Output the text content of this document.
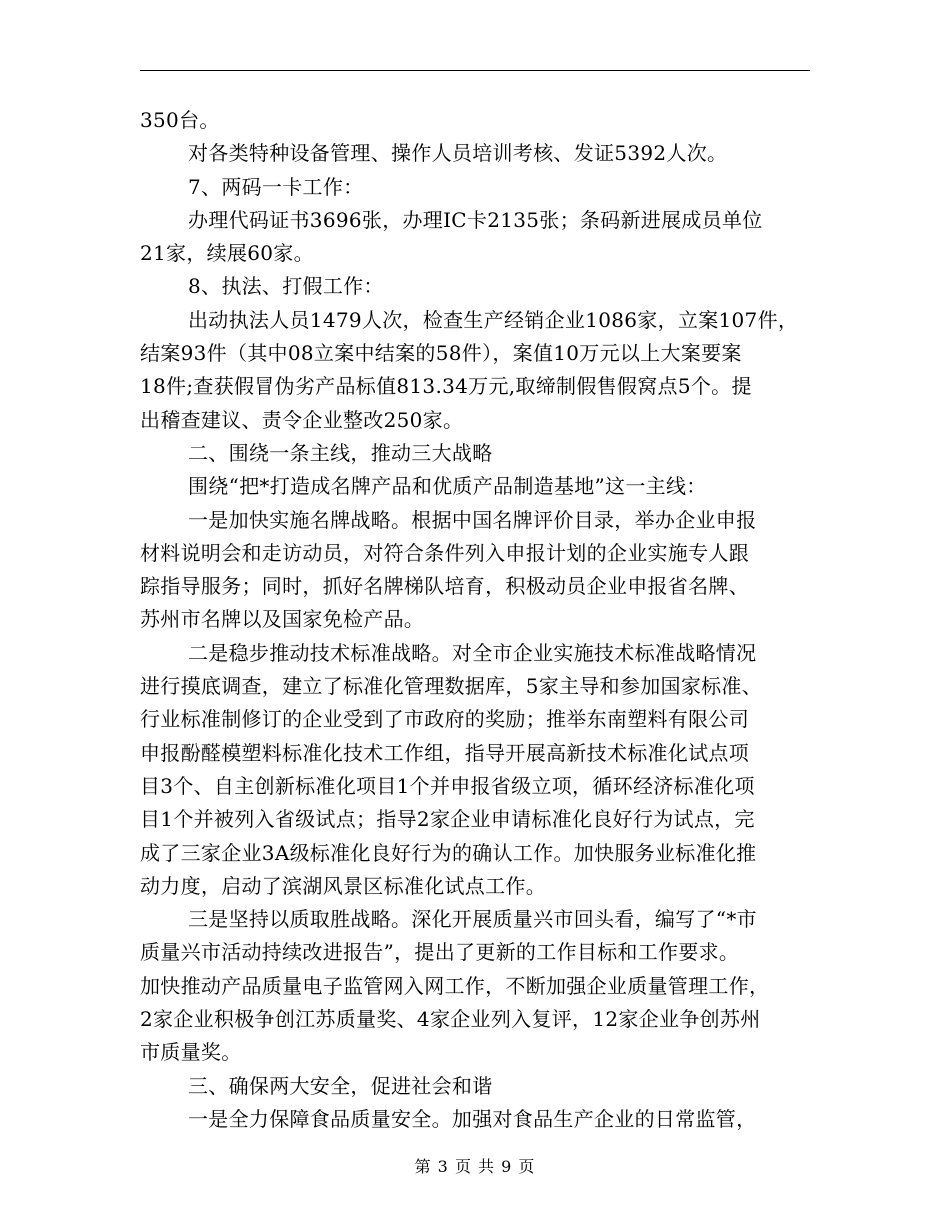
350台。
对各类特种设备管理、操作人员培训考核、发证5392人次。
7、两码一卡工作：
办理代码证书3696张，办理IC卡2135张；条码新进展成员单位
21家，续展60家。
8、执法、打假工作：
出动执法人员1479人次，检查生产经销企业1086家，立案107件，
结案93件（其中08立案中结案的58件），案值10万元以上大案要案
18件;查获假冒伪劣产品标值813.34万元,取缔制假售假窝点5个。提
出稽查建议、责令企业整改250家。
二、围绕一条主线，推动三大战略
围绕“把*打造成名牌产品和优质产品制造基地”这一主线：
一是加快实施名牌战略。根据中国名牌评价目录，举办企业申报
材料说明会和走访动员，对符合条件列入申报计划的企业实施专人跟
踪指导服务；同时，抓好名牌梯队培育，积极动员企业申报省名牌、
苏州市名牌以及国家免检产品。
二是稳步推动技术标准战略。对全市企业实施技术标准战略情况
进行摸底调查，建立了标准化管理数据库，5家主导和参加国家标准、
行业标准制修订的企业受到了市政府的奖励；推举东南塑料有限公司
申报酚醛模塑料标准化技术工作组，指导开展高新技术标准化试点项
目3个、自主创新标准化项目1个并申报省级立项，循环经济标准化项
目1个并被列入省级试点；指导2家企业申请标准化良好行为试点，完
成了三家企业3A级标准化良好行为的确认工作。加快服务业标准化推
动力度，启动了滨湖风景区标准化试点工作。
三是坚持以质取胜战略。深化开展质量兴市回头看，编写了“*市
质量兴市活动持续改进报告”，提出了更新的工作目标和工作要求。
加快推动产品质量电子监管网入网工作，不断加强企业质量管理工作，
2家企业积极争创江苏质量奖、4家企业列入复评，12家企业争创苏州
市质量奖。
三、确保两大安全，促进社会和谐
一是全力保障食品质量安全。加强对食品生产企业的日常监管，
第 3 页 共 9 页
